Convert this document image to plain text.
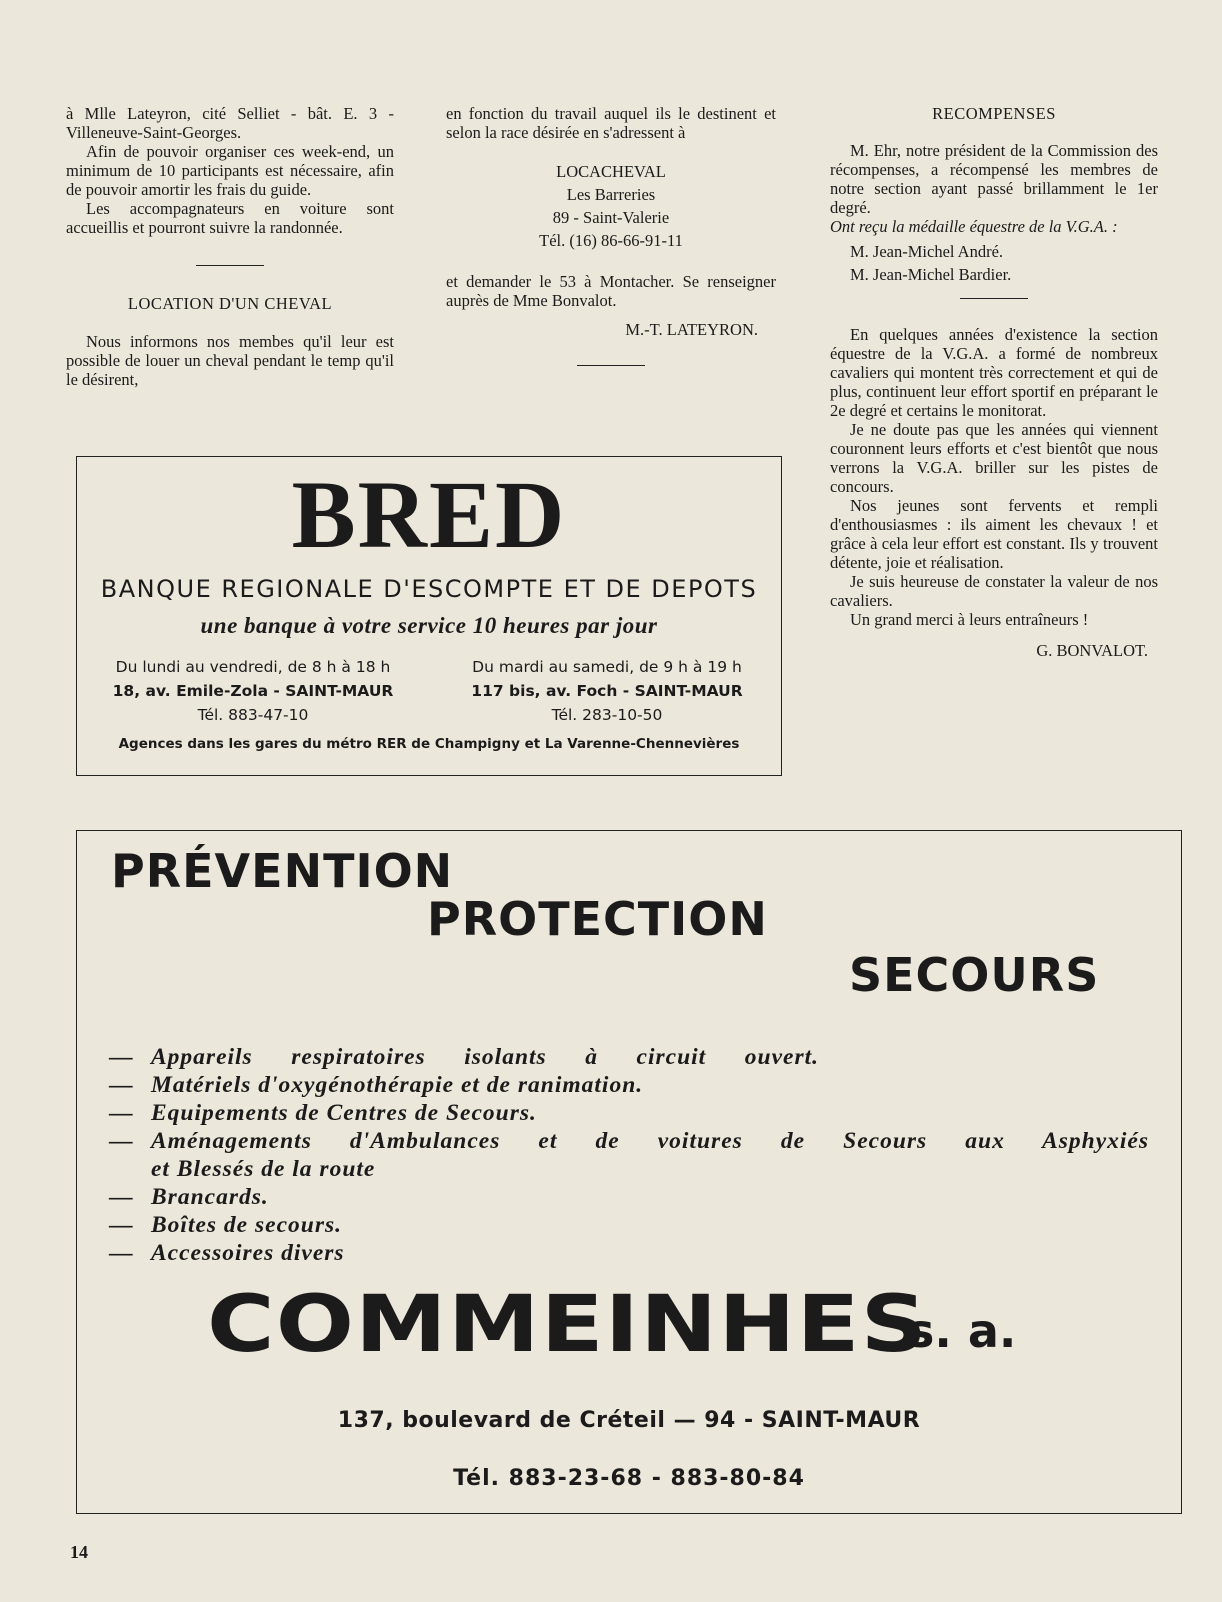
à Mlle Lateyron, cité Selliet - bât. E. 3 - Villeneuve-Saint-Georges.

Afin de pouvoir organiser ces week-end, un minimum de 10 participants est nécessaire, afin de pouvoir amortir les frais du guide.

Les accompagnateurs en voiture sont accueillis et pourront suivre la randonnée.

LOCATION D'UN CHEVAL

Nous informons nos membes qu'il leur est possible de louer un cheval pendant le temp qu'il le désirent,

en fonction du travail auquel ils le destinent et selon la race désirée en s'adressent à

LOCACHEVAL

Les Barreries

89 - Saint-Valerie

Tél. (16) 86-66-91-11

et demander le 53 à Montacher. Se renseigner auprès de Mme Bonvalot.

M.-T. LATEYRON.

RECOMPENSES

M. Ehr, notre président de la Commission des récompenses, a récompensé les membres de notre section ayant passé brillamment le 1er degré.

Ont reçu la médaille équestre de la V.G.A. :

M. Jean-Michel André.

M. Jean-Michel Bardier.

En quelques années d'existence la section équestre de la V.G.A. a formé de nombreux cavaliers qui montent très correctement et qui de plus, continuent leur effort sportif en préparant le 2e degré et certains le monitorat.

Je ne doute pas que les années qui viennent couronnent leurs efforts et c'est bientôt que nous verrons la V.G.A. briller sur les pistes de concours.

Nos jeunes sont fervents et rempli d'enthousiasmes : ils aiment les chevaux ! et grâce à cela leur effort est constant. Ils y trouvent détente, joie et réalisation.

Je suis heureuse de constater la valeur de nos cavaliers.

Un grand merci à leurs entraîneurs !

G. BONVALOT.

BRED
BANQUE REGIONALE D'ESCOMPTE ET DE DEPOTS
une banque à votre service 10 heures par jour
Du lundi au vendredi, de 8 h à 18 h
18, av. Emile-Zola - SAINT-MAUR
Tél. 883-47-10
Du mardi au samedi, de 9 h à 19 h
117 bis, av. Foch - SAINT-MAUR
Tél. 283-10-50
Agences dans les gares du métro RER de Champigny et La Varenne-Chennevières
PRÉVENTION
PROTECTION
SECOURS
— Appareils respiratoires isolants à circuit ouvert.
— Matériels d'oxygénothérapie et de ranimation.
— Equipements de Centres de Secours.
— Aménagements d'Ambulances et de voitures de Secours aux Asphyxiés
et Blessés de la route
— Brancards.
— Boîtes de secours.
— Accessoires divers
COMMEINHES
s. a.
137, boulevard de Créteil — 94 - SAINT-MAUR
Tél. 883-23-68 - 883-80-84
14
